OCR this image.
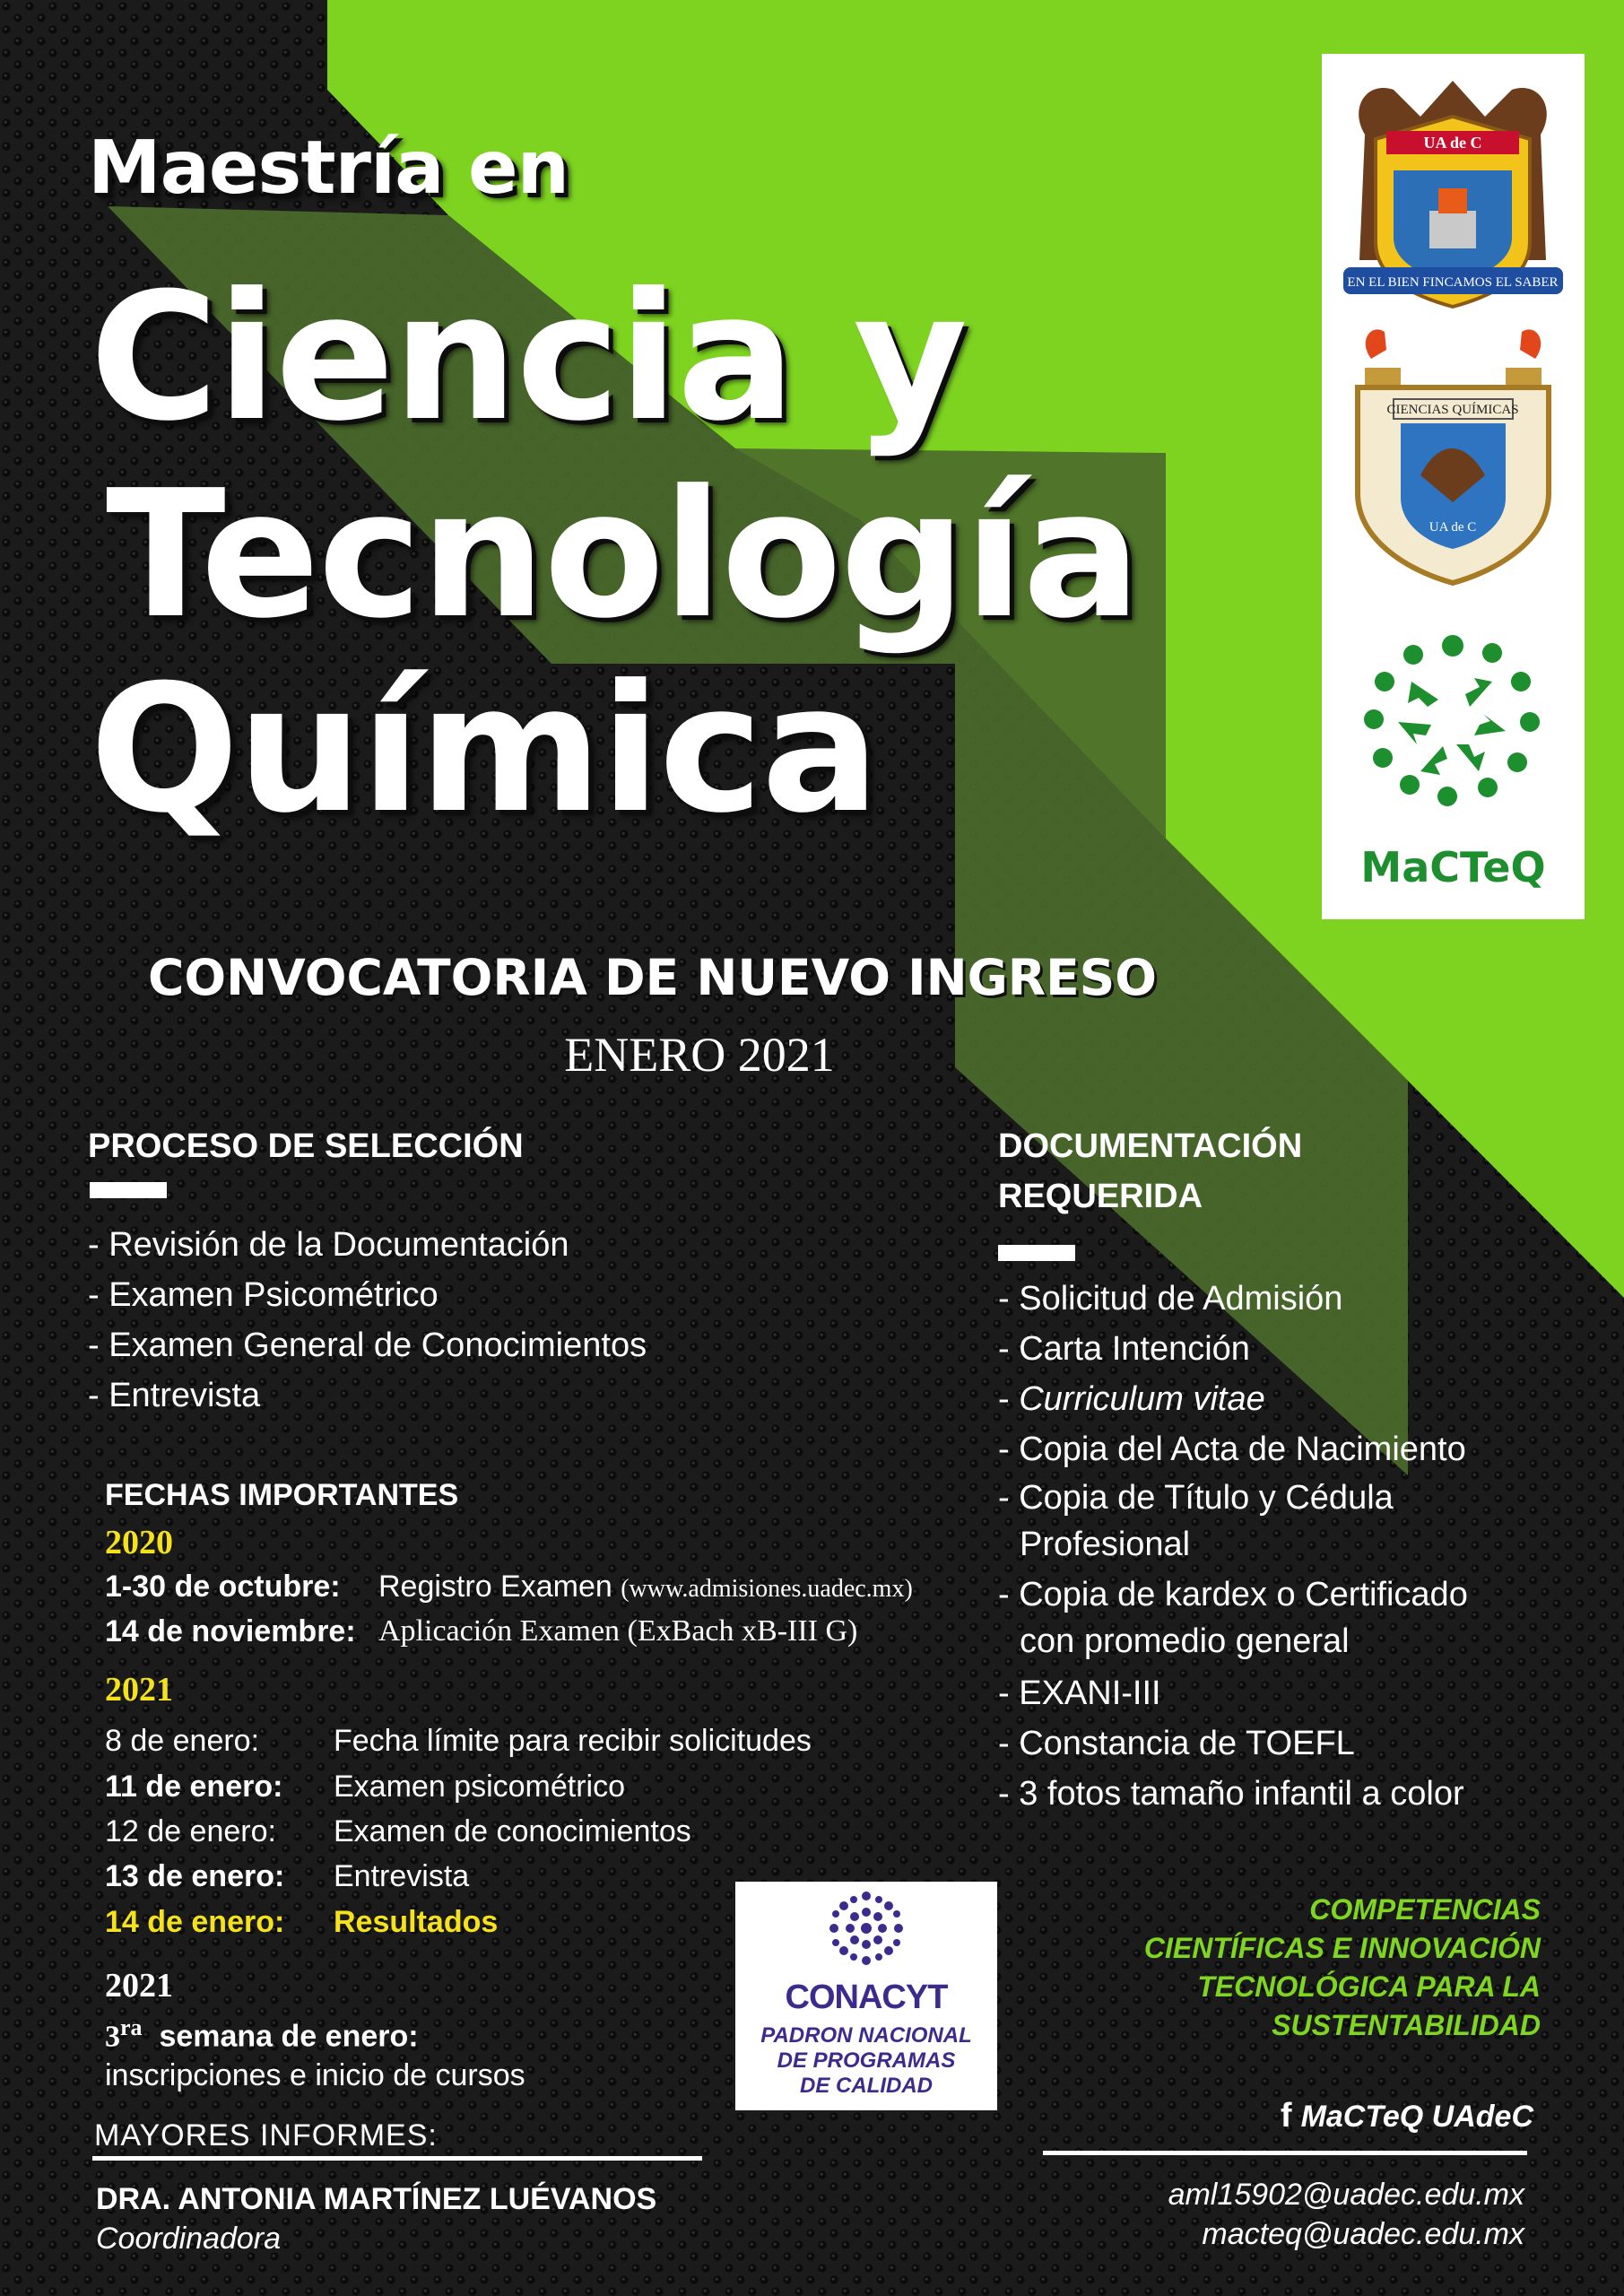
Maestría en
Ciencia y
Tecnología
Química
UA de C
EN EL BIEN FINCAMOS EL SABER
CIENCIAS QUÍMICAS
UA de C
MaCTeQ
CONVOCATORIA DE NUEVO INGRESO
ENERO 2021
PROCESO DE SELECCIÓN
- Revisión de la Documentación
- Examen Psicométrico
- Examen General de Conocimientos
- Entrevista
DOCUMENTACIÓN
REQUERIDA
- Solicitud de Admisión
- Carta Intención
- Curriculum vitae
- Copia del Acta de Nacimiento
- Copia de Título y Cédula
Profesional
- Copia de kardex o Certificado
con promedio general
- EXANI-III
- Constancia de TOEFL
- 3 fotos tamaño infantil a color
FECHAS IMPORTANTES
2020
1-30 de octubre: Registro Examen (www.admisiones.uadec.mx)
14 de noviembre: Aplicación Examen (ExBach xB-III G)
2021
8 de enero: Fecha límite para recibir solicitudes
11 de enero: Examen psicométrico
12 de enero: Examen de conocimientos
13 de enero: Entrevista
14 de enero: Resultados
2021
$3^{ra}$ semana de enero:
inscripciones e inicio de cursos
CONACYT
PADRON NACIONAL
DE PROGRAMAS
DE CALIDAD
COMPETENCIAS
CIENTÍFICAS E INNOVACIÓN
TECNOLÓGICA PARA LA
SUSTENTABILIDAD
f MaCTeQ UAdeC
aml15902@uadec.edu.mx
macteq@uadec.edu.mx
MAYORES INFORMES:
DRA. ANTONIA MARTÍNEZ LUÉVANOS
Coordinadora
